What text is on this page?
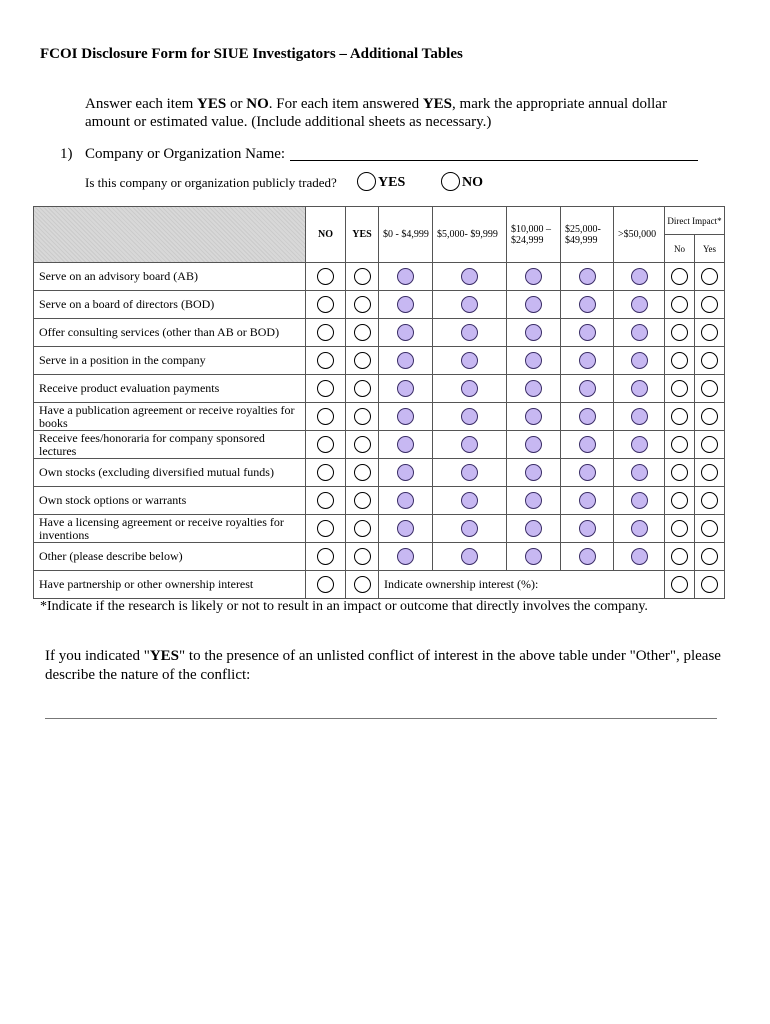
FCOI Disclosure Form for SIUE Investigators – Additional Tables
Answer each item YES or NO. For each item answered YES, mark the appropriate annual dollar amount or estimated value. (Include additional sheets as necessary.)
1) Company or Organization Name:
Is this company or organization publicly traded?	YES	NO
	NO	YES	$0 - $4,999	$5,000- $9,999	$10,000 – $24,999	$25,000- $49,999	>$50,000	Direct Impact*	
								No	Yes
Serve on an advisory board (AB)									
Serve on a board of directors (BOD)									
Offer consulting services (other than AB or BOD)									
Serve in a position in the company									
Receive product evaluation payments									
Have a publication agreement or receive royalties for books									
Receive fees/honoraria for company sponsored lectures									
Own stocks (excluding diversified mutual funds)									
Own stock options or warrants									
Have a licensing agreement or receive royalties for inventions									
Other (please describe below)									
Have partnership or other ownership interest			Indicate ownership interest (%):						
*Indicate if the research is likely or not to result in an impact or outcome that directly involves the company.
If you indicated "YES" to the presence of an unlisted conflict of interest in the above table under "Other", please describe the nature of the conflict:
